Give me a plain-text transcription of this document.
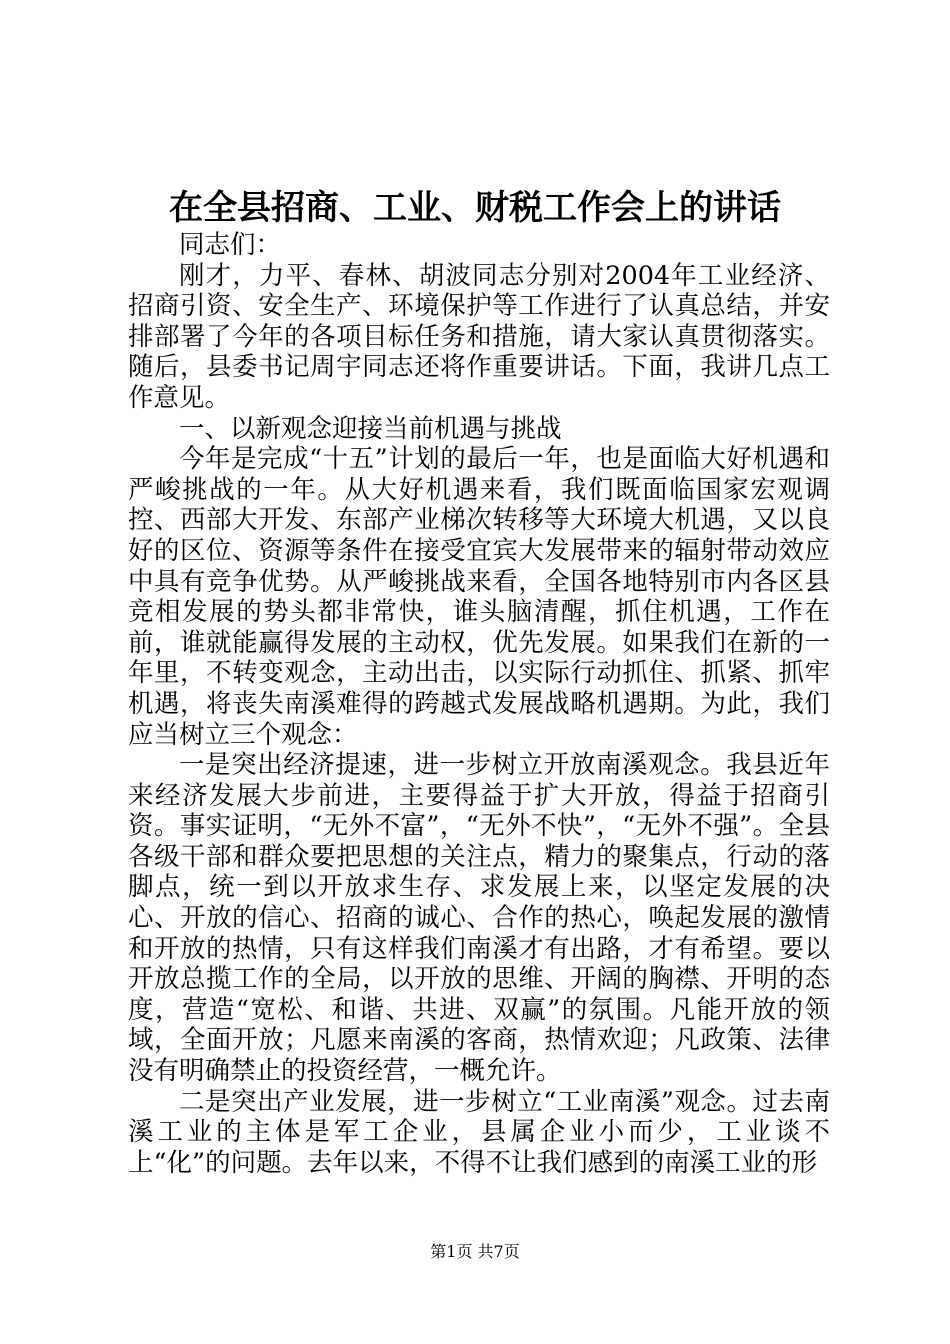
在全县招商、工业、财税工作会上的讲话

同志们：

刚才，力平、春林、胡波同志分别对2004年工业经济、招商引资、安全生产、环境保护等工作进行了认真总结，并安排部署了今年的各项目标任务和措施，请大家认真贯彻落实。随后，县委书记周宇同志还将作重要讲话。下面，我讲几点工作意见。

一、以新观念迎接当前机遇与挑战

今年是完成“十五”计划的最后一年，也是面临大好机遇和严峻挑战的一年。从大好机遇来看，我们既面临国家宏观调控、西部大开发、东部产业梯次转移等大环境大机遇，又以良好的区位、资源等条件在接受宜宾大发展带来的辐射带动效应中具有竞争优势。从严峻挑战来看，全国各地特别市内各区县竞相发展的势头都非常快，谁头脑清醒，抓住机遇，工作在前，谁就能赢得发展的主动权，优先发展。如果我们在新的一年里，不转变观念，主动出击，以实际行动抓住、抓紧、抓牢机遇，将丧失南溪难得的跨越式发展战略机遇期。为此，我们应当树立三个观念：

一是突出经济提速，进一步树立开放南溪观念。我县近年来经济发展大步前进，主要得益于扩大开放，得益于招商引资。事实证明，“无外不富”，“无外不快”，“无外不强”。全县各级干部和群众要把思想的关注点，精力的聚集点，行动的落脚点，统一到以开放求生存、求发展上来，以坚定发展的决心、开放的信心、招商的诚心、合作的热心，唤起发展的激情和开放的热情，只有这样我们南溪才有出路，才有希望。要以开放总揽工作的全局，以开放的思维、开阔的胸襟、开明的态度，营造“宽松、和谐、共进、双赢”的氛围。凡能开放的领域，全面开放；凡愿来南溪的客商，热情欢迎；凡政策、法律没有明确禁止的投资经营，一概允许。

二是突出产业发展，进一步树立“工业南溪”观念。过去南溪工业的主体是军工企业，县属企业小而少，工业谈不上“化”的问题。去年以来，不得不让我们感到的南溪工业的形

第1页 共7页
